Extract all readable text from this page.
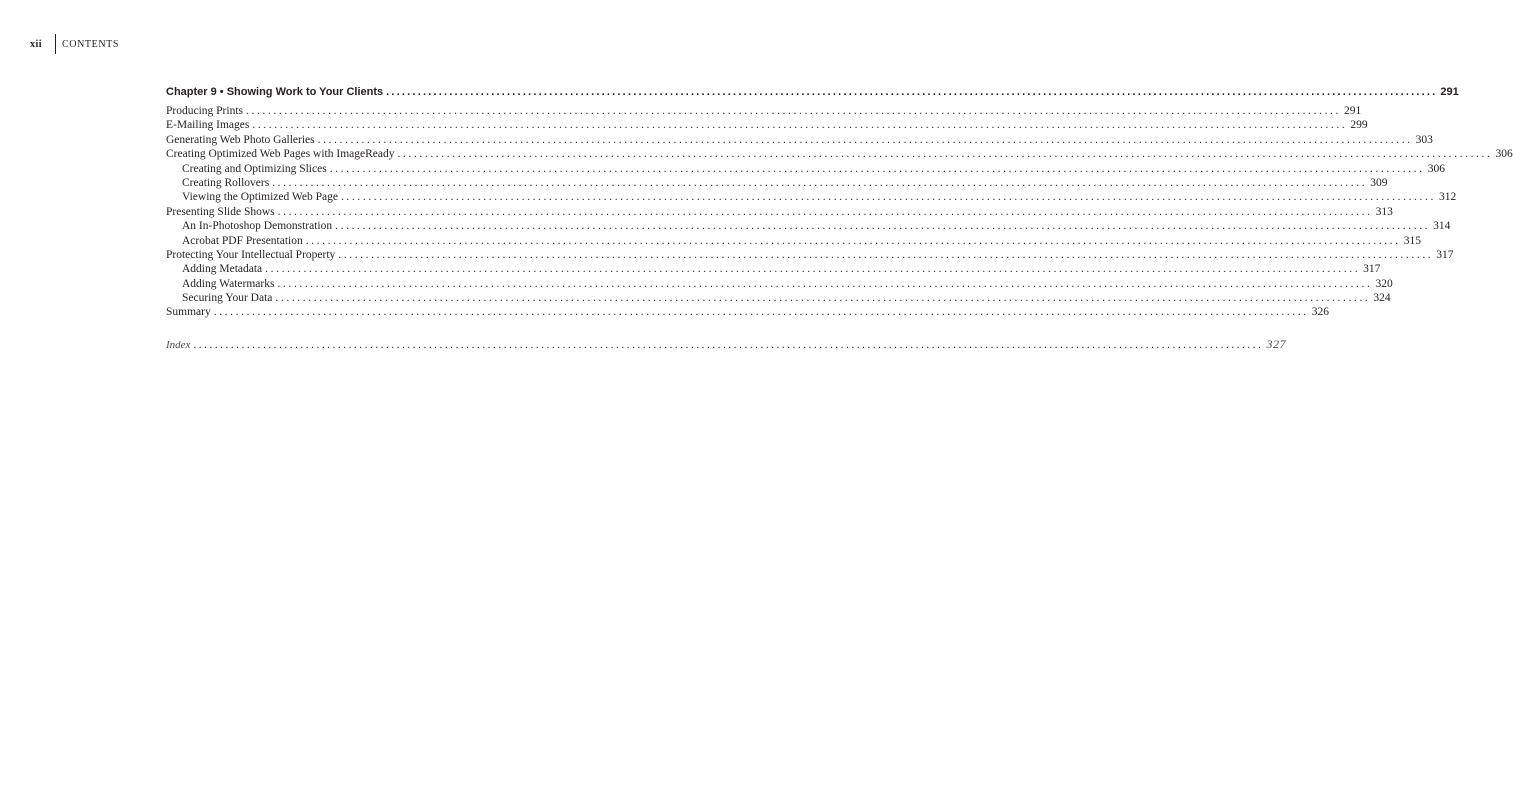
xii	CONTENTS
Chapter 9 • Showing Work to Your Clients ........................................................................................................................................................................................................ 291
Producing Prints ........................................................................................................................................................................................................ 291
E-Mailing Images ........................................................................................................................................................................................................ 299
Generating Web Photo Galleries ........................................................................................................................................................................................................ 303
Creating Optimized Web Pages with ImageReady ........................................................................................................................................................................................................ 306
Creating and Optimizing Slices ........................................................................................................................................................................................................ 306
Creating Rollovers ........................................................................................................................................................................................................ 309
Viewing the Optimized Web Page ........................................................................................................................................................................................................ 312
Presenting Slide Shows ........................................................................................................................................................................................................ 313
An In-Photoshop Demonstration ........................................................................................................................................................................................................ 314
Acrobat PDF Presentation ........................................................................................................................................................................................................ 315
Protecting Your Intellectual Property ........................................................................................................................................................................................................ 317
Adding Metadata ........................................................................................................................................................................................................ 317
Adding Watermarks ........................................................................................................................................................................................................ 320
Securing Your Data ........................................................................................................................................................................................................ 324
Summary ........................................................................................................................................................................................................ 326
Index ........................................................................................................................................................................................................ 327
